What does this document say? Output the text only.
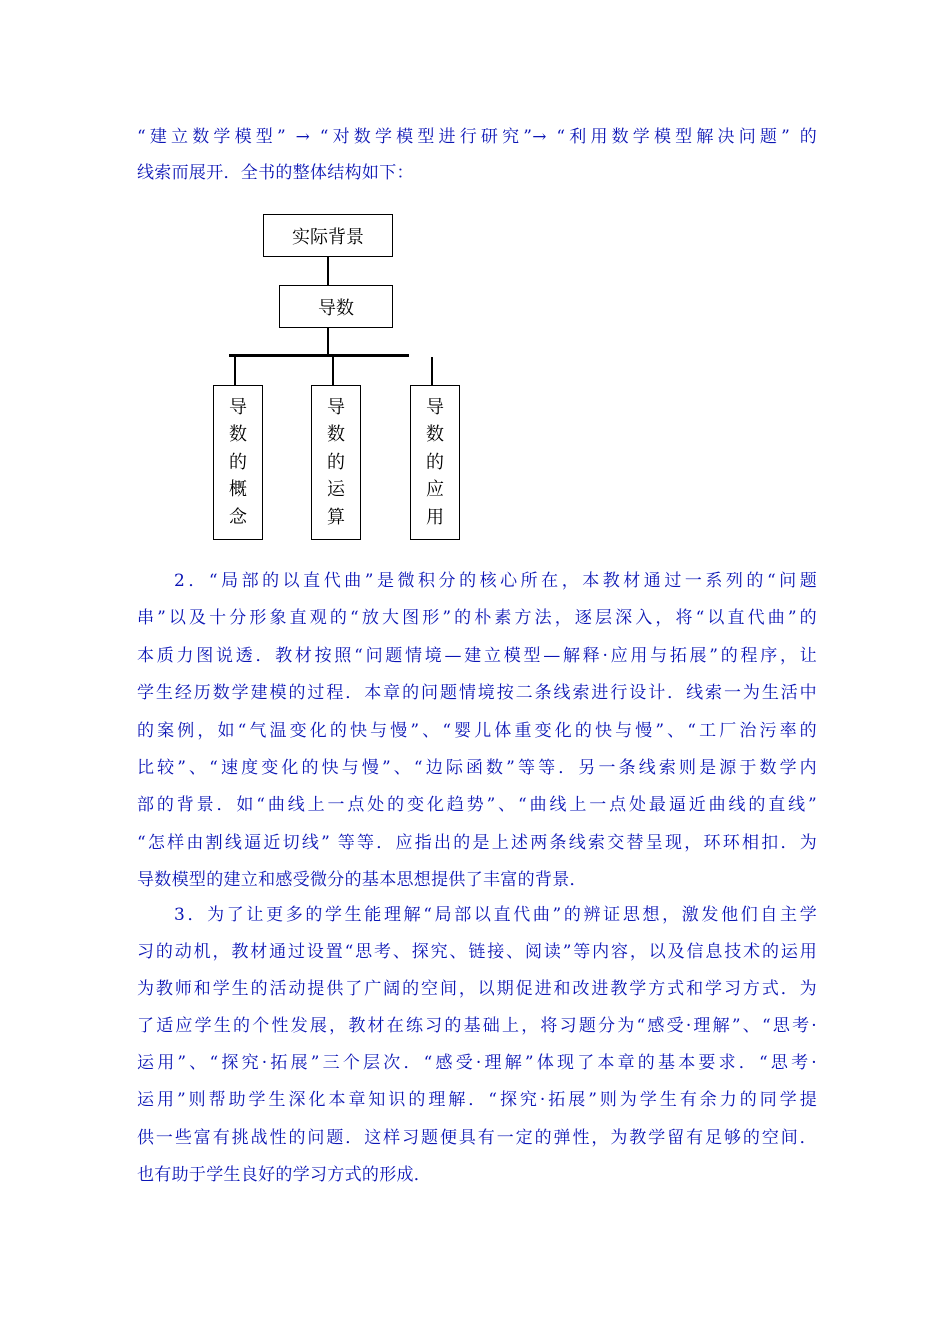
“建立数学模型” → “对数学模型进行研究”→ “利用数学模型解决问题” 的
线索而展开．全书的整体结构如下：
实际背景
导数
导
数
的
概
念
导
数
的
运
算
导
数
的
应
用
2．“局部的以直代曲”是微积分的核心所在，本教材通过一系列的“问题
串”以及十分形象直观的“放大图形”的朴素方法，逐层深入，将“以直代曲”的
本质力图说透．教材按照“问题情境—建立模型—解释·应用与拓展”的程序，让
学生经历数学建模的过程．本章的问题情境按二条线索进行设计．线索一为生活中
的案例，如“气温变化的快与慢”、“婴儿体重变化的快与慢”、“工厂治污率的
比较”、“速度变化的快与慢”、“边际函数”等等．另一条线索则是源于数学内
部的背景．如“曲线上一点处的变化趋势”、“曲线上一点处最逼近曲线的直线”
“怎样由割线逼近切线” 等等．应指出的是上述两条线索交替呈现，环环相扣．为
导数模型的建立和感受微分的基本思想提供了丰富的背景．
3．为了让更多的学生能理解“局部以直代曲”的辨证思想，激发他们自主学
习的动机，教材通过设置“思考、探究、链接、阅读”等内容，以及信息技术的运用
为教师和学生的活动提供了广阔的空间，以期促进和改进教学方式和学习方式．为
了适应学生的个性发展，教材在练习的基础上，将习题分为“感受·理解”、“思考·
运用”、“探究·拓展”三个层次．“感受·理解”体现了本章的基本要求．“思考·
运用”则帮助学生深化本章知识的理解．“探究·拓展”则为学生有余力的同学提
供一些富有挑战性的问题．这样习题便具有一定的弹性，为教学留有足够的空间．
也有助于学生良好的学习方式的形成．
